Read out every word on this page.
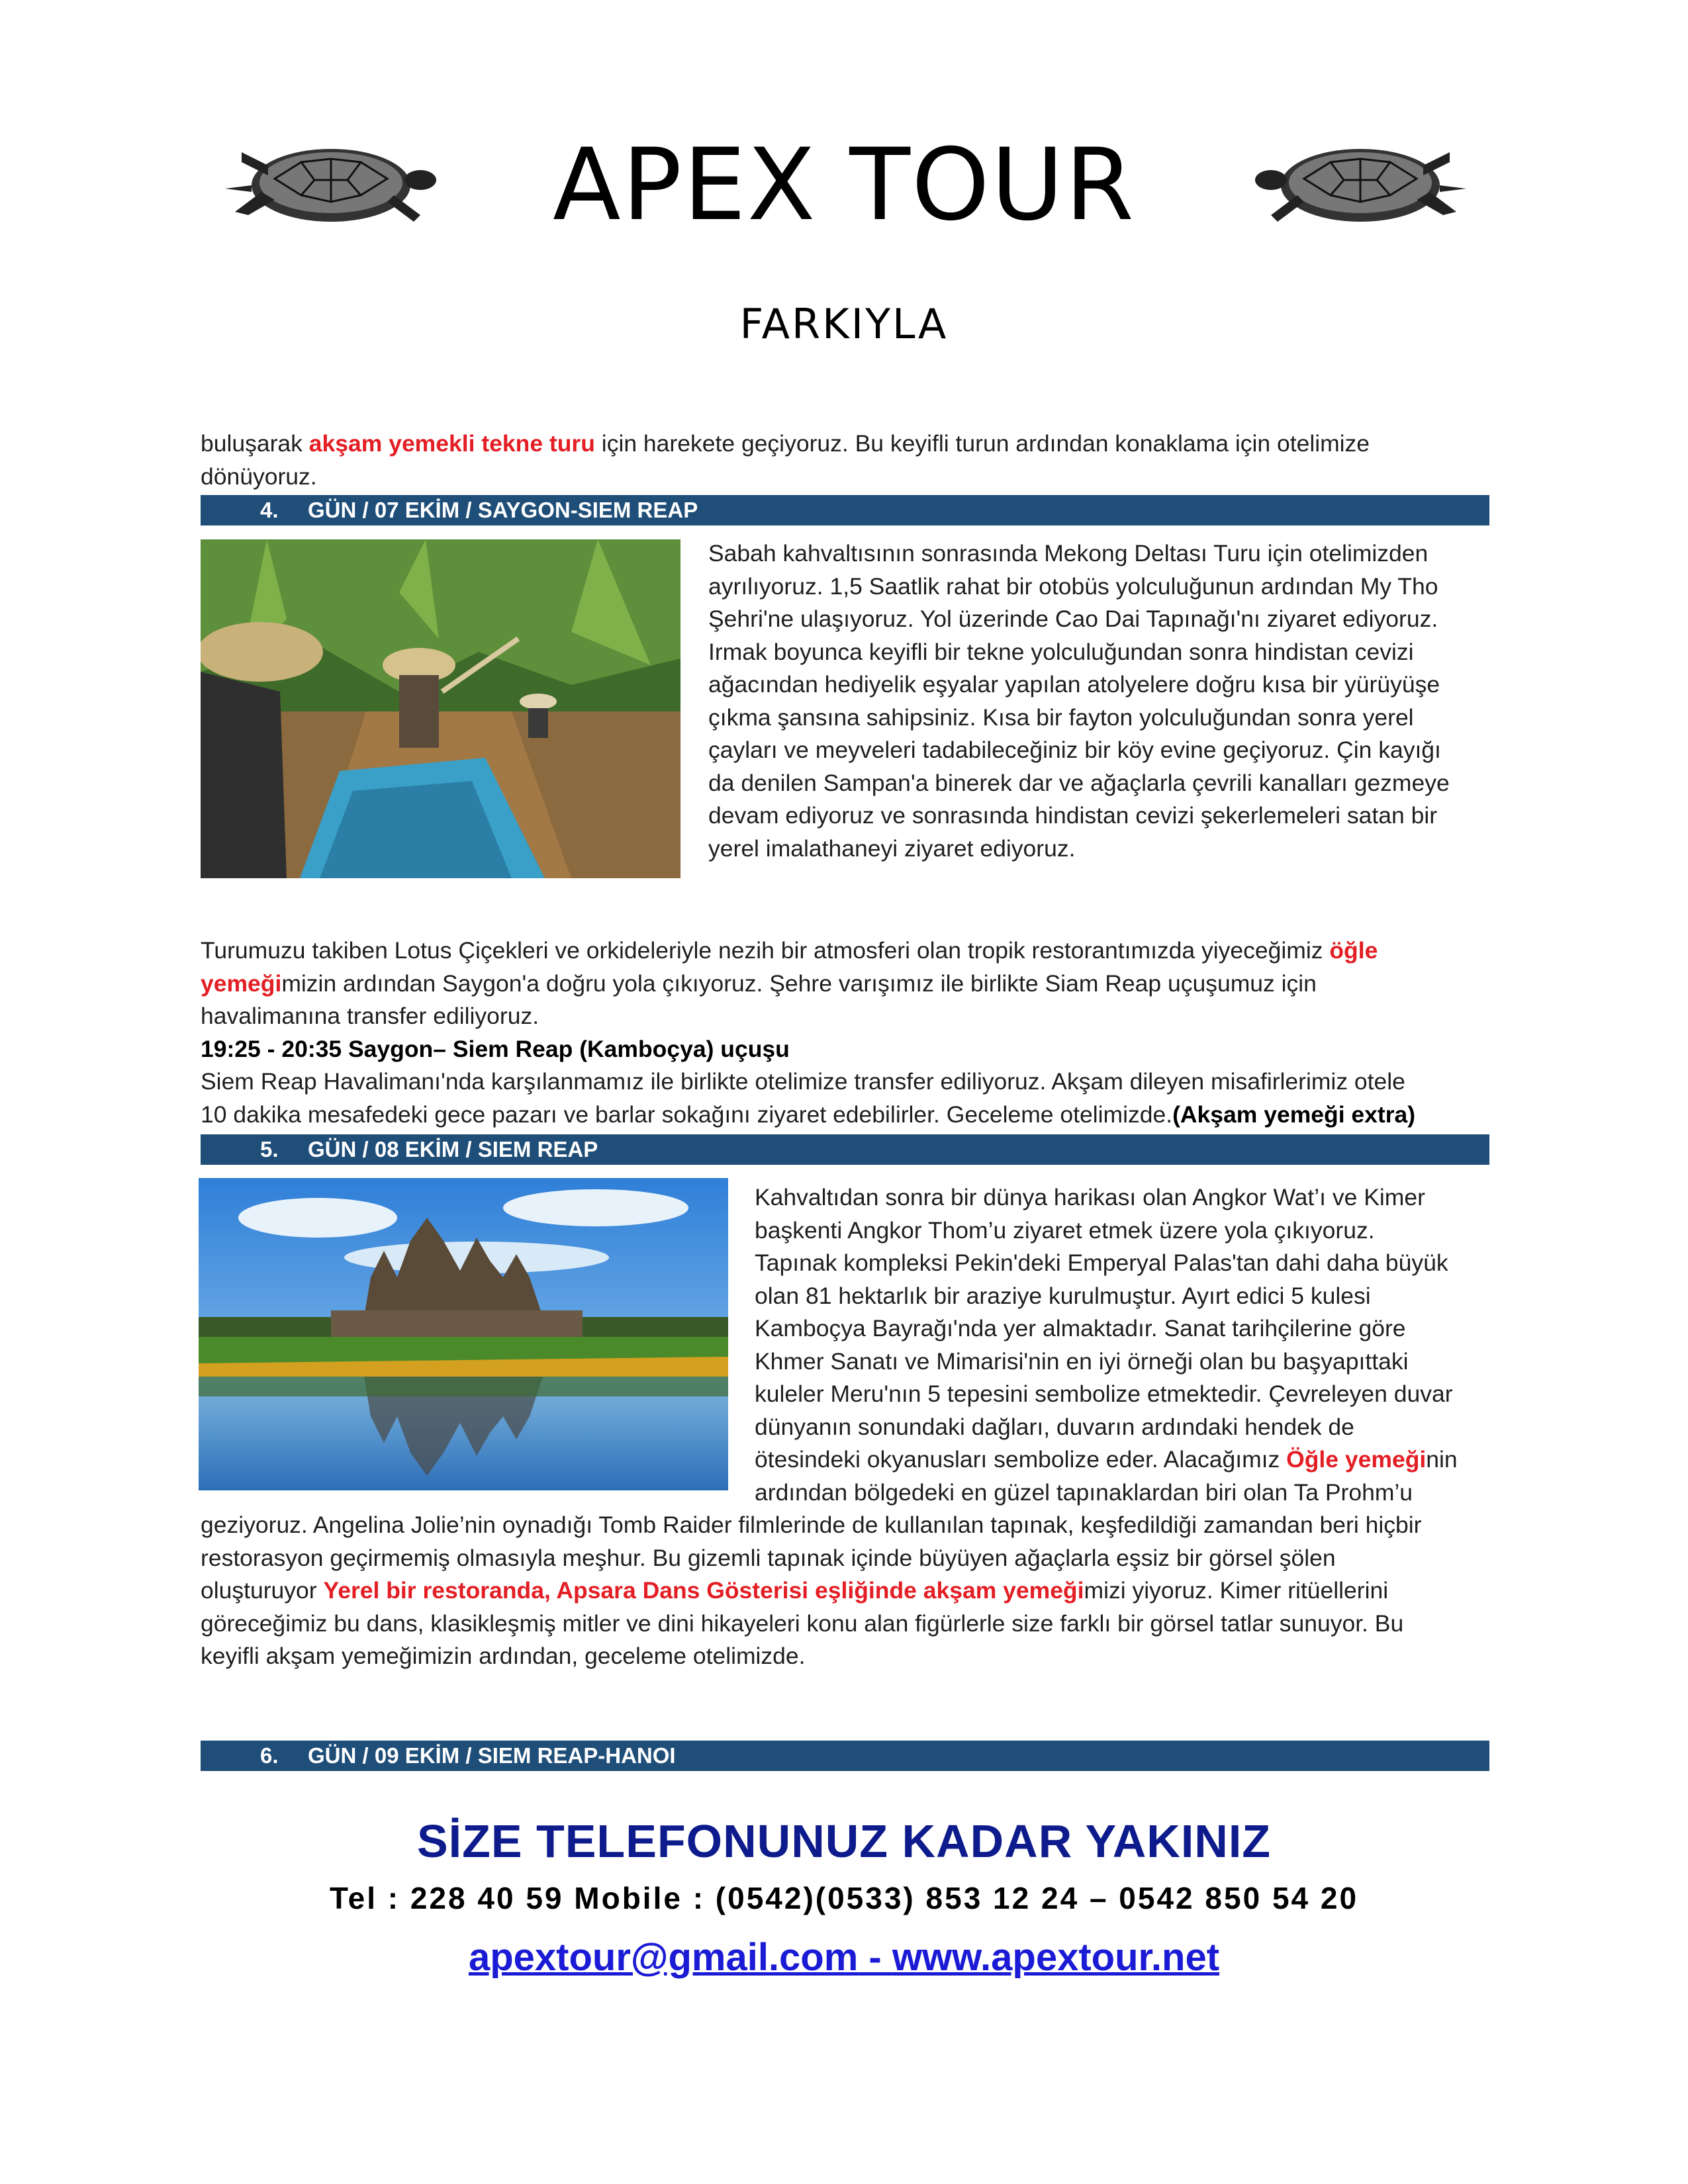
APEX TOUR
FARKIYLA
buluşarak akşam yemekli tekne turu için harekete geçiyoruz. Bu keyifli turun ardından konaklama için otelimize
dönüyoruz.
4. GÜN / 07 EKİM / SAYGON-SIEM REAP
Sabah kahvaltısının sonrasında Mekong Deltası Turu için otelimizden
ayrılıyoruz. 1,5 Saatlik rahat bir otobüs yolculuğunun ardından My Tho
Şehri'ne ulaşıyoruz. Yol üzerinde Cao Dai Tapınağı'nı ziyaret ediyoruz.
Irmak boyunca keyifli bir tekne yolculuğundan sonra hindistan cevizi
ağacından hediyelik eşyalar yapılan atolyelere doğru kısa bir yürüyüşe
çıkma şansına sahipsiniz. Kısa bir fayton yolculuğundan sonra yerel
çayları ve meyveleri tadabileceğiniz bir köy evine geçiyoruz. Çin kayığı
da denilen Sampan'a binerek dar ve ağaçlarla çevrili kanalları gezmeye
devam ediyoruz ve sonrasında hindistan cevizi şekerlemeleri satan bir
yerel imalathaneyi ziyaret ediyoruz.
Turumuzu takiben Lotus Çiçekleri ve orkideleriyle nezih bir atmosferi olan tropik restorantımızda yiyeceğimiz öğle
yemeğimizin ardından Saygon'a doğru yola çıkıyoruz. Şehre varışımız ile birlikte Siam Reap uçuşumuz için
havalimanına transfer ediliyoruz.
19:25 - 20:35 Saygon– Siem Reap (Kamboçya) uçuşu
Siem Reap Havalimanı'nda karşılanmamız ile birlikte otelimize transfer ediliyoruz. Akşam dileyen misafirlerimiz otele
10 dakika mesafedeki gece pazarı ve barlar sokağını ziyaret edebilirler. Geceleme otelimizde.(Akşam yemeği extra)
5. GÜN / 08 EKİM / SIEM REAP
Kahvaltıdan sonra bir dünya harikası olan Angkor Wat’ı ve Kimer
başkenti Angkor Thom’u ziyaret etmek üzere yola çıkıyoruz.
Tapınak kompleksi Pekin'deki Emperyal Palas'tan dahi daha büyük
olan 81 hektarlık bir araziye kurulmuştur. Ayırt edici 5 kulesi
Kamboçya Bayrağı'nda yer almaktadır. Sanat tarihçilerine göre
Khmer Sanatı ve Mimarisi'nin en iyi örneği olan bu başyapıttaki
kuleler Meru'nın 5 tepesini sembolize etmektedir. Çevreleyen duvar
dünyanın sonundaki dağları, duvarın ardındaki hendek de
ötesindeki okyanusları sembolize eder. Alacağımız Öğle yemeğinin
ardından bölgedeki en güzel tapınaklardan biri olan Ta Prohm’u
geziyoruz. Angelina Jolie’nin oynadığı Tomb Raider filmlerinde de kullanılan tapınak, keşfedildiği zamandan beri hiçbir
restorasyon geçirmemiş olmasıyla meşhur. Bu gizemli tapınak içinde büyüyen ağaçlarla eşsiz bir görsel şölen
oluşturuyor Yerel bir restoranda, Apsara Dans Gösterisi eşliğinde akşam yemeğimizi yiyoruz. Kimer ritüellerini
göreceğimiz bu dans, klasikleşmiş mitler ve dini hikayeleri konu alan figürlerle size farklı bir görsel tatlar sunuyor. Bu
keyifli akşam yemeğimizin ardından, geceleme otelimizde.
6. GÜN / 09 EKİM / SIEM REAP-HANOI
SİZE TELEFONUNUZ KADAR YAKINIZ
Tel : 228 40 59 Mobile : (0542)(0533) 853 12 24 – 0542 850 54 20
apextour@gmail.com - www.apextour.net
